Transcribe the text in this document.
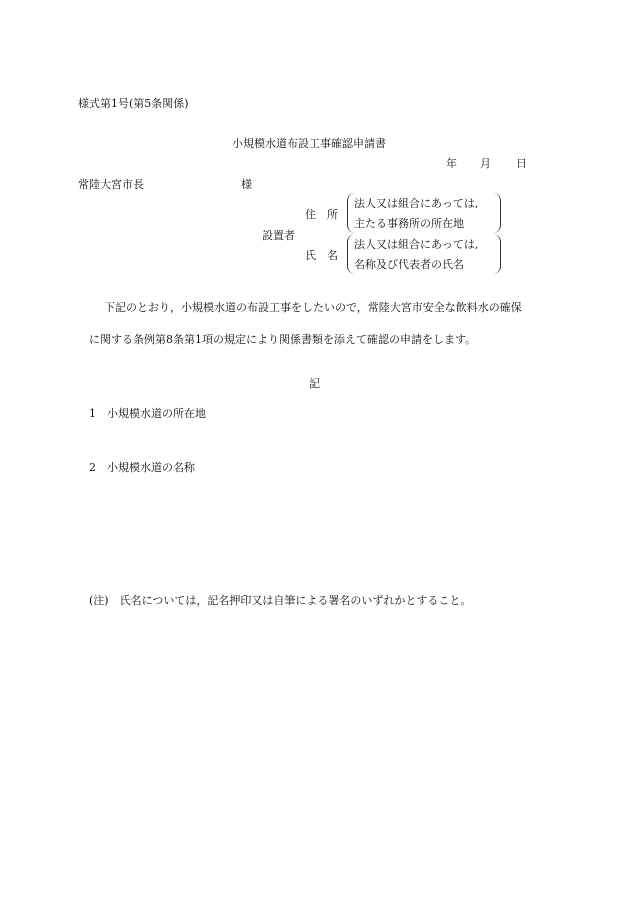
様式第1号(第5条関係)
小規模水道布設工事確認申請書
年 月 日
常陸大宮市長	様
住　所
法人又は組合にあっては,
主たる事務所の所在地
設置者
氏　名
法人又は組合にあっては,
名称及び代表者の氏名
下記のとおり，小規模水道の布設工事をしたいので，常陸大宮市安全な飲料水の確保
に関する条例第8条第1項の規定により関係書類を添えて確認の申請をします。
記
1　小規模水道の所在地
2　小規模水道の名称
(注)　氏名については，記名押印又は自筆による署名のいずれかとすること。
